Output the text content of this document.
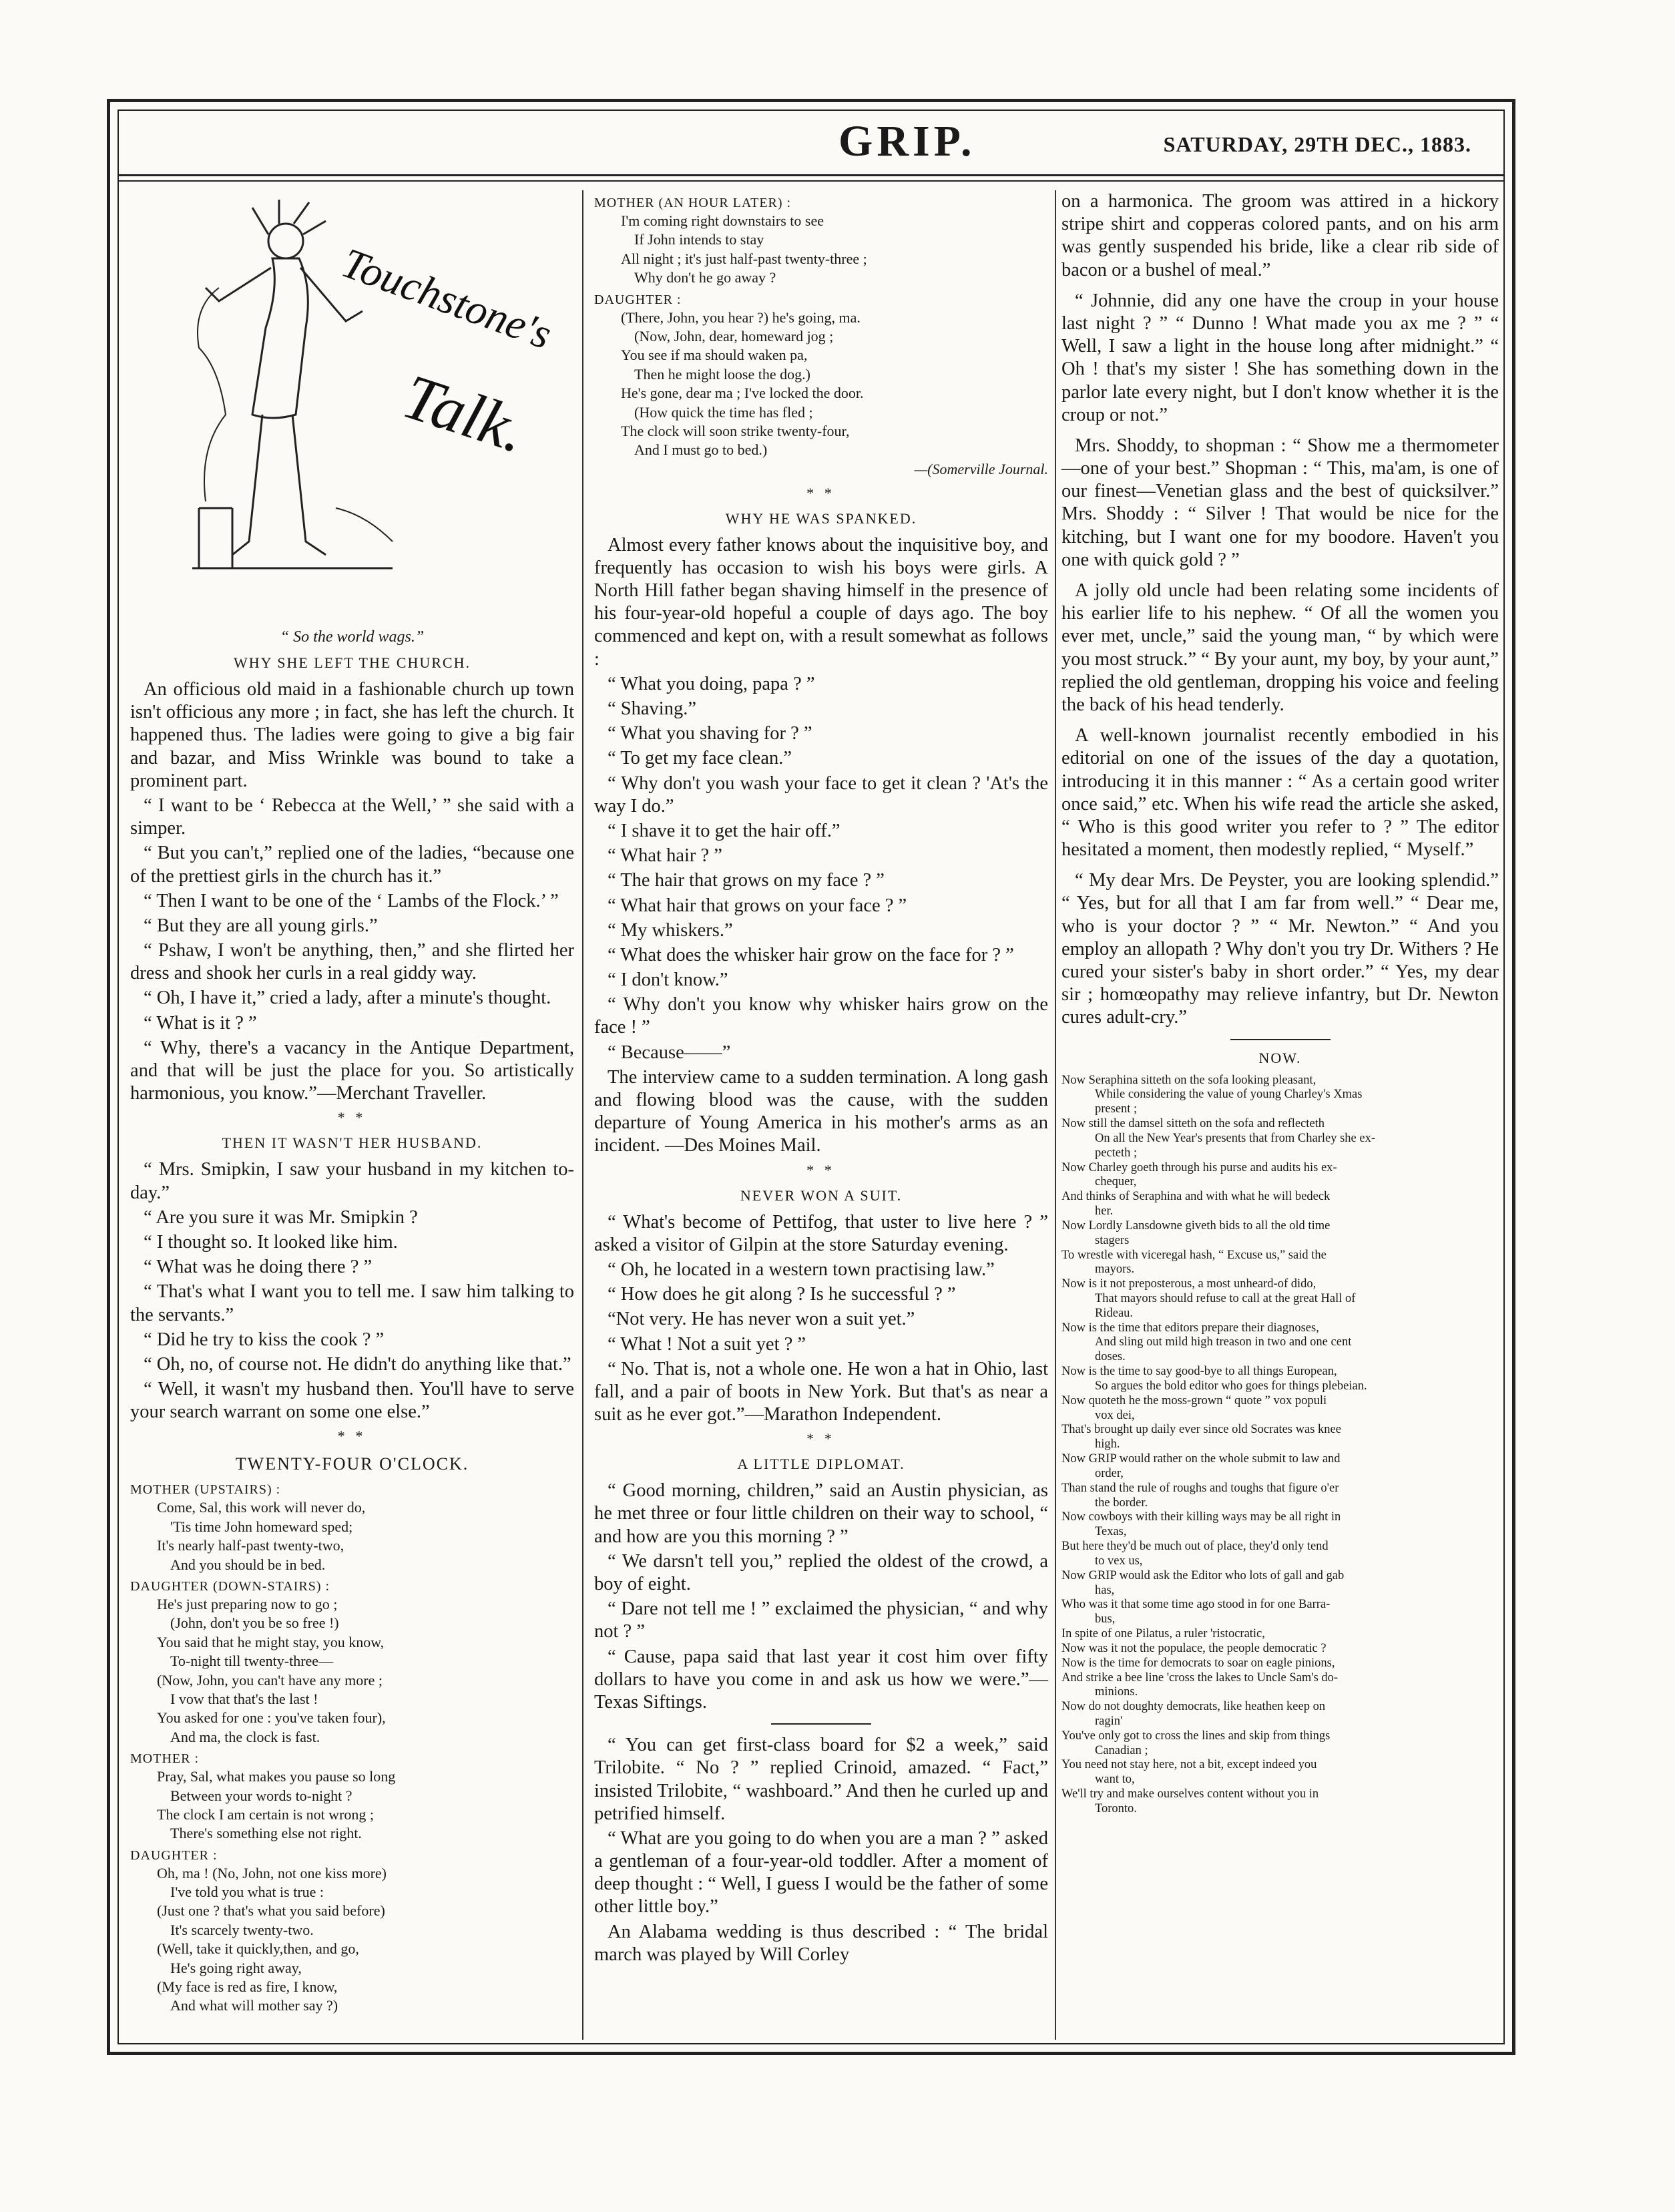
GRIP.	SATURDAY, 29TH DEC., 1883.
Touchstone's
Talk.
“ So the world wags.”
WHY SHE LEFT THE CHURCH.

An officious old maid in a fashionable church up town isn't officious any more ; in fact, she has left the church. It happened thus. The ladies were going to give a big fair and bazar, and Miss Wrinkle was bound to take a prominent part.

“ I want to be ‘ Rebecca at the Well,’ ” she said with a simper.

“ But you can't,” replied one of the ladies, “because one of the prettiest girls in the church has it.”

“ Then I want to be one of the ‘ Lambs of the Flock.’ ”

“ But they are all young girls.”

“ Pshaw, I won't be anything, then,” and she flirted her dress and shook her curls in a real giddy way.

“ Oh, I have it,” cried a lady, after a minute's thought.

“ What is it ? ”

“ Why, there's a vacancy in the Antique Department, and that will be just the place for you. So artistically harmonious, you know.”—Merchant Traveller.

* *
THEN IT WASN'T HER HUSBAND.

“ Mrs. Smipkin, I saw your husband in my kitchen to-day.”

“ Are you sure it was Mr. Smipkin ?

“ I thought so. It looked like him.

“ What was he doing there ? ”

“ That's what I want you to tell me. I saw him talking to the servants.”

“ Did he try to kiss the cook ? ”

“ Oh, no, of course not. He didn't do anything like that.”

“ Well, it wasn't my husband then. You'll have to serve your search warrant on some one else.”

* *
TWENTY-FOUR O'CLOCK.
MOTHER (UPSTAIRS) :
Come, Sal, this work will never do,
'Tis time John homeward sped;
It's nearly half-past twenty-two,
And you should be in bed.
DAUGHTER (DOWN-STAIRS) :
He's just preparing now to go ;
(John, don't you be so free !)
You said that he might stay, you know,
To-night till twenty-three—
(Now, John, you can't have any more ;
I vow that that's the last !
You asked for one : you've taken four),
And ma, the clock is fast.
MOTHER :
Pray, Sal, what makes you pause so long
Between your words to-night ?
The clock I am certain is not wrong ;
There's something else not right.
DAUGHTER :
Oh, ma ! (No, John, not one kiss more)
I've told you what is true :
(Just one ? that's what you said before)
It's scarcely twenty-two.
(Well, take it quickly,then, and go,
He's going right away,
(My face is red as fire, I know,
And what will mother say ?)
MOTHER (AN HOUR LATER) :
I'm coming right downstairs to see
If John intends to stay
All night ; it's just half-past twenty-three ;
Why don't he go away ?
DAUGHTER :
(There, John, you hear ?) he's going, ma.
(Now, John, dear, homeward jog ;
You see if ma should waken pa,
Then he might loose the dog.)
He's gone, dear ma ; I've locked the door.
(How quick the time has fled ;
The clock will soon strike twenty-four,
And I must go to bed.)
—(Somerville Journal.
* *
WHY HE WAS SPANKED.

Almost every father knows about the inquisitive boy, and frequently has occasion to wish his boys were girls. A North Hill father began shaving himself in the presence of his four-year-old hopeful a couple of days ago. The boy commenced and kept on, with a result somewhat as follows :

“ What you doing, papa ? ”

“ Shaving.”

“ What you shaving for ? ”

“ To get my face clean.”

“ Why don't you wash your face to get it clean ? 'At's the way I do.”

“ I shave it to get the hair off.”

“ What hair ? ”

“ The hair that grows on my face ? ”

“ What hair that grows on your face ? ”

“ My whiskers.”

“ What does the whisker hair grow on the face for ? ”

“ I don't know.”

“ Why don't you know why whisker hairs grow on the face ! ”

“ Because——”

The interview came to a sudden termination. A long gash and flowing blood was the cause, with the sudden departure of Young America in his mother's arms as an incident. —Des Moines Mail.

* *
NEVER WON A SUIT.

“ What's become of Pettifog, that uster to live here ? ” asked a visitor of Gilpin at the store Saturday evening.

“ Oh, he located in a western town practising law.”

“ How does he git along ? Is he successful ? ”

“Not very. He has never won a suit yet.”

“ What ! Not a suit yet ? ”

“ No. That is, not a whole one. He won a hat in Ohio, last fall, and a pair of boots in New York. But that's as near a suit as he ever got.”—Marathon Independent.

* *
A LITTLE DIPLOMAT.

“ Good morning, children,” said an Austin physician, as he met three or four little children on their way to school, “ and how are you this morning ? ”

“ We darsn't tell you,” replied the oldest of the crowd, a boy of eight.

“ Dare not tell me ! ” exclaimed the physician, “ and why not ? ”

“ Cause, papa said that last year it cost him over fifty dollars to have you come in and ask us how we were.”—Texas Siftings.

“ You can get first-class board for $2 a week,” said Trilobite. “ No ? ” replied Crinoid, amazed. “ Fact,” insisted Trilobite, “ washboard.” And then he curled up and petrified himself.

“ What are you going to do when you are a man ? ” asked a gentleman of a four-year-old toddler. After a moment of deep thought : “ Well, I guess I would be the father of some other little boy.”

An Alabama wedding is thus described : “ The bridal march was played by Will Corley

on a harmonica. The groom was attired in a hickory stripe shirt and copperas colored pants, and on his arm was gently suspended his bride, like a clear rib side of bacon or a bushel of meal.”

“ Johnnie, did any one have the croup in your house last night ? ” “ Dunno ! What made you ax me ? ” “ Well, I saw a light in the house long after midnight.” “ Oh ! that's my sister ! She has something down in the parlor late every night, but I don't know whether it is the croup or not.”

Mrs. Shoddy, to shopman : “ Show me a thermometer—one of your best.” Shopman : “ This, ma'am, is one of our finest—Venetian glass and the best of quicksilver.” Mrs. Shoddy : “ Silver ! That would be nice for the kitching, but I want one for my boodore. Haven't you one with quick gold ? ”

A jolly old uncle had been relating some incidents of his earlier life to his nephew. “ Of all the women you ever met, uncle,” said the young man, “ by which were you most struck.” “ By your aunt, my boy, by your aunt,” replied the old gentleman, dropping his voice and feeling the back of his head tenderly.

A well-known journalist recently embodied in his editorial on one of the issues of the day a quotation, introducing it in this manner : “ As a certain good writer once said,” etc. When his wife read the article she asked, “ Who is this good writer you refer to ? ” The editor hesitated a moment, then modestly replied, “ Myself.”

“ My dear Mrs. De Peyster, you are looking splendid.” “ Yes, but for all that I am far from well.” “ Dear me, who is your doctor ? ” “ Mr. Newton.” “ And you employ an allopath ? Why don't you try Dr. Withers ? He cured your sister's baby in short order.” “ Yes, my dear sir ; homœopathy may relieve infantry, but Dr. Newton cures adult-cry.”

NOW.
Now Seraphina sitteth on the sofa looking pleasant,
While considering the value of young Charley's Xmas
present ;
Now still the damsel sitteth on the sofa and reflecteth
On all the New Year's presents that from Charley she ex-
pecteth ;
Now Charley goeth through his purse and audits his ex-
chequer,
And thinks of Seraphina and with what he will bedeck
her.
Now Lordly Lansdowne giveth bids to all the old time
stagers
To wrestle with viceregal hash, “ Excuse us,” said the
mayors.
Now is it not preposterous, a most unheard-of dido,
That mayors should refuse to call at the great Hall of
Rideau.
Now is the time that editors prepare their diagnoses,
And sling out mild high treason in two and one cent
doses.
Now is the time to say good-bye to all things European,
So argues the bold editor who goes for things plebeian.
Now quoteth he the moss-grown “ quote ” vox populi
vox dei,
That's brought up daily ever since old Socrates was knee
high.
Now GRIP would rather on the whole submit to law and
order,
Than stand the rule of roughs and toughs that figure o'er
the border.
Now cowboys with their killing ways may be all right in
Texas,
But here they'd be much out of place, they'd only tend
to vex us,
Now GRIP would ask the Editor who lots of gall and gab
has,
Who was it that some time ago stood in for one Barra-
bus,
In spite of one Pilatus, a ruler 'ristocratic,
Now was it not the populace, the people democratic ?
Now is the time for democrats to soar on eagle pinions,
And strike a bee line 'cross the lakes to Uncle Sam's do-
minions.
Now do not doughty democrats, like heathen keep on
ragin'
You've only got to cross the lines and skip from things
Canadian ;
You need not stay here, not a bit, except indeed you
want to,
We'll try and make ourselves content without you in
Toronto.
